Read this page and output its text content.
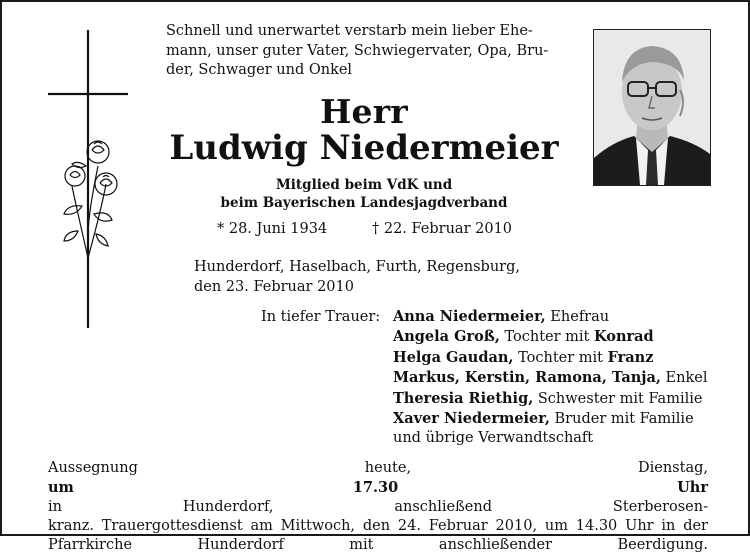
Schnell und unerwartet verstarb mein lieber Ehe-
mann, unser guter Vater, Schwiegervater, Opa, Bru-
der, Schwager und Onkel
Herr
Ludwig Niedermeier
Mitglied beim VdK und
beim Bayerischen Landesjagdverband
* 28. Juni 1934	† 22. Februar 2010
Hunderdorf, Haselbach, Furth, Regensburg,
den 23. Februar 2010
In tiefer Trauer: Anna Niedermeier, Ehefrau
Angela Groß, Tochter mit Konrad
Helga Gaudan, Tochter mit Franz
Markus, Kerstin, Ramona, Tanja, Enkel
Theresia Riethig, Schwester mit Familie
Xaver Niedermeier, Bruder mit Familie
und übrige Verwandtschaft
Aussegnung heute, Dienstag,
um 17.30 Uhr
in Hunderdorf, anschließend Sterberosen-
kranz. Trauergottesdienst am Mittwoch, den 24. Februar 2010, um 14.30 Uhr in der
Pfarrkirche Hunderdorf mit anschließender Beerdigung.
